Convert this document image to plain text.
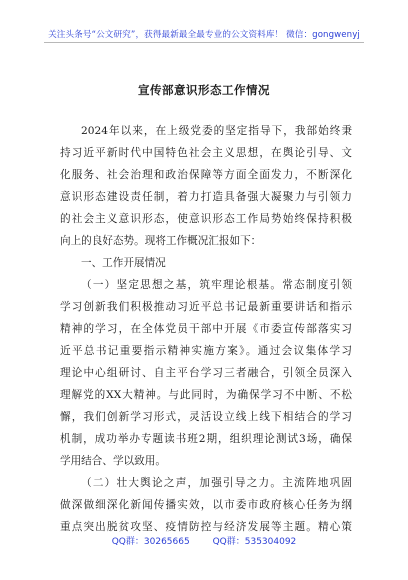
关注头条号“公文研究”，获得最新最全最专业的公文资料库！ 微信：gongwenyj
宣传部意识形态工作情况
2024年以来，在上级党委的坚定指导下，我部始终秉
持习近平新时代中国特色社会主义思想，在舆论引导、文
化服务、社会治理和政治保障等方面全面发力，不断深化
意识形态建设责任制，着力打造具备强大凝聚力与引领力
的社会主义意识形态，使意识形态工作局势始终保持积极
向上的良好态势。现将工作概况汇报如下：
一、工作开展情况
（一）坚定思想之基，筑牢理论根基。常态制度引领
学习创新我们积极推动习近平总书记最新重要讲话和指示
精神的学习，在全体党员干部中开展《市委宣传部落实习
近平总书记重要指示精神实施方案》。通过会议集体学习
理论中心组研讨、自主平台学习三者融合，引领全员深入
理解党的XX大精神。与此同时，为确保学习不中断、不松
懈，我们创新学习形式，灵活设立线上线下相结合的学习
机制，成功举办专题读书班2期，组织理论测试3场，确保
学用结合、学以致用。
（二）壮大舆论之声，加强引导之力。主流阵地巩固
做深做细深化新闻传播实效，以市委市政府核心任务为纲
重点突出脱贫攻坚、疫情防控与经济发展等主题。精心策
QQ群：30265665	QQ群：535304092
